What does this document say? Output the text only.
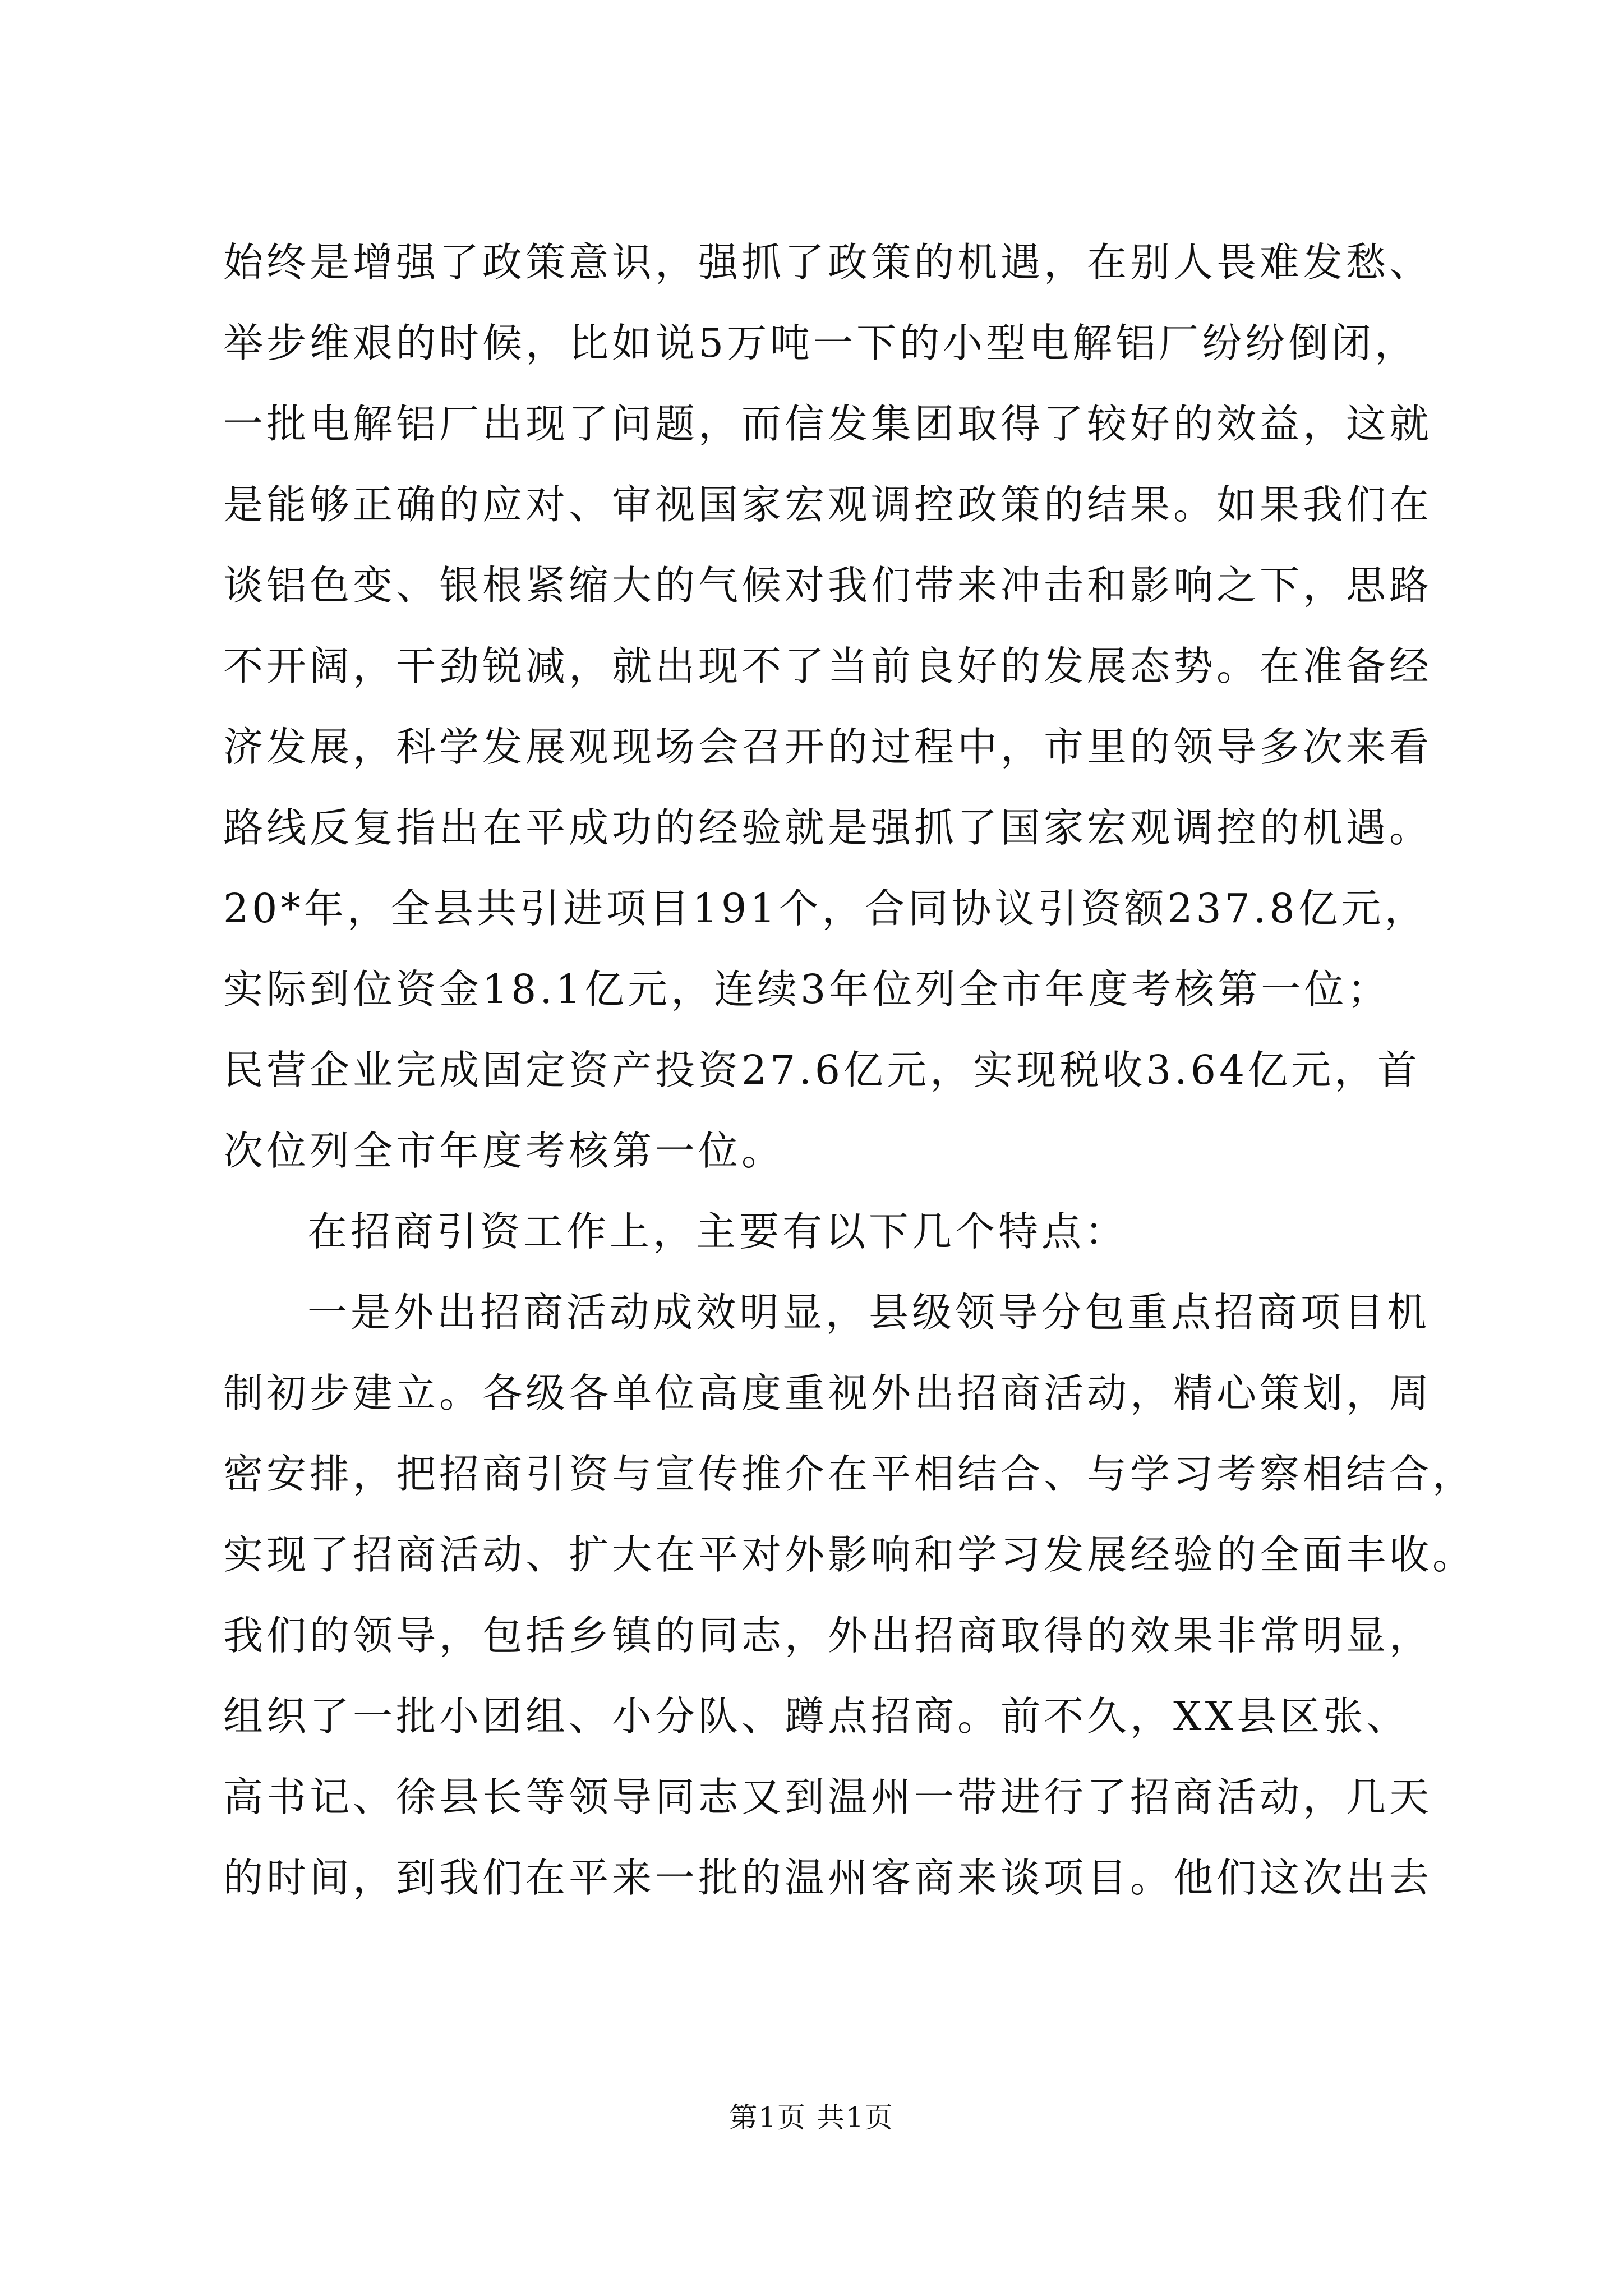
始终是增强了政策意识，强抓了政策的机遇，在别人畏难发愁、
举步维艰的时候，比如说5万吨一下的小型电解铝厂纷纷倒闭，
一批电解铝厂出现了问题，而信发集团取得了较好的效益，这就
是能够正确的应对、审视国家宏观调控政策的结果。如果我们在
谈铝色变、银根紧缩大的气候对我们带来冲击和影响之下，思路
不开阔，干劲锐减，就出现不了当前良好的发展态势。在准备经
济发展，科学发展观现场会召开的过程中，市里的领导多次来看
路线反复指出在平成功的经验就是强抓了国家宏观调控的机遇。
20*年，全县共引进项目191个，合同协议引资额237.8亿元，
实际到位资金18.1亿元，连续3年位列全市年度考核第一位；
民营企业完成固定资产投资27.6亿元，实现税收3.64亿元，首
次位列全市年度考核第一位。
在招商引资工作上，主要有以下几个特点：
一是外出招商活动成效明显，县级领导分包重点招商项目机
制初步建立。各级各单位高度重视外出招商活动，精心策划，周
密安排，把招商引资与宣传推介在平相结合、与学习考察相结合，
实现了招商活动、扩大在平对外影响和学习发展经验的全面丰收。
我们的领导，包括乡镇的同志，外出招商取得的效果非常明显，
组织了一批小团组、小分队、蹲点招商。前不久，XX县区张、
高书记、徐县长等领导同志又到温州一带进行了招商活动，几天
的时间，到我们在平来一批的温州客商来谈项目。他们这次出去
第1页 共1页
